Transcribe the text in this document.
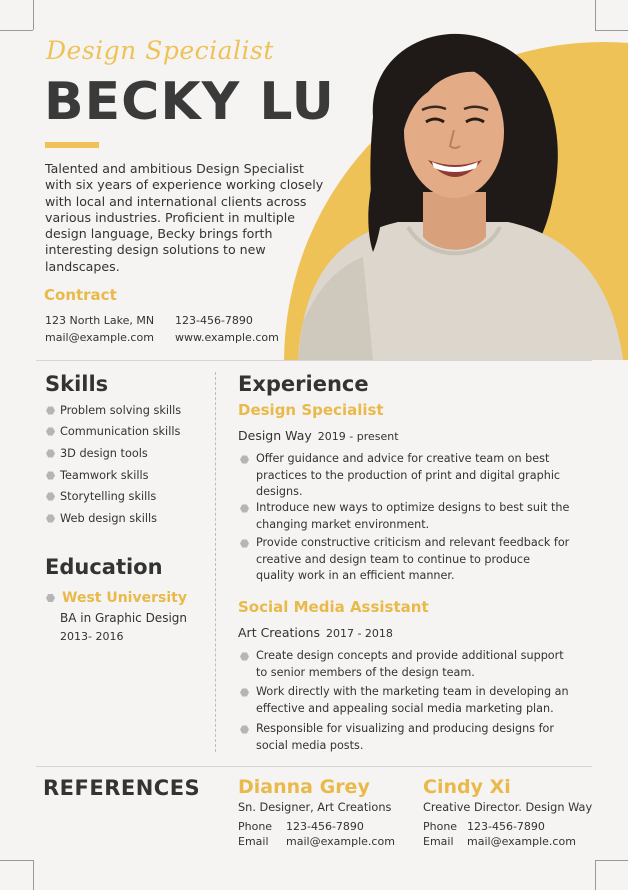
Design Specialist
BECKY LU
Talented and ambitious Design Specialist with six years of experience working closely with local and international clients across various industries. Proficient in multiple design language, Becky brings forth interesting design solutions to new landscapes.
Contract
123 North Lake, MN 123-456-7890
mail@example.com www.example.com
Skills
Problem solving skills
Communication skills
3D design tools
Teamwork skills
Storytelling skills
Web design skills
Education
West University
BA in Graphic Design
2013- 2016
Experience
Design Specialist
Design Way 2019 - present
Offer guidance and advice for creative team on best practices to the production of print and digital graphic designs.
Introduce new ways to optimize designs to best suit the changing market environment.
Provide constructive criticism and relevant feedback for creative and design team to continue to produce quality work in an efficient manner.
Social Media Assistant
Art Creations 2017 - 2018
Create design concepts and provide additional support to senior members of the design team.
Work directly with the marketing team in developing an effective and appealing social media marketing plan.
Responsible for visualizing and producing designs for social media posts.
REFERENCES Dianna Grey
Sn. Designer, Art Creations
Phone 123-456-7890
Email mail@example.com
Cindy Xi
Creative Director. Design Way
Phone 123-456-7890
Email mail@example.com
